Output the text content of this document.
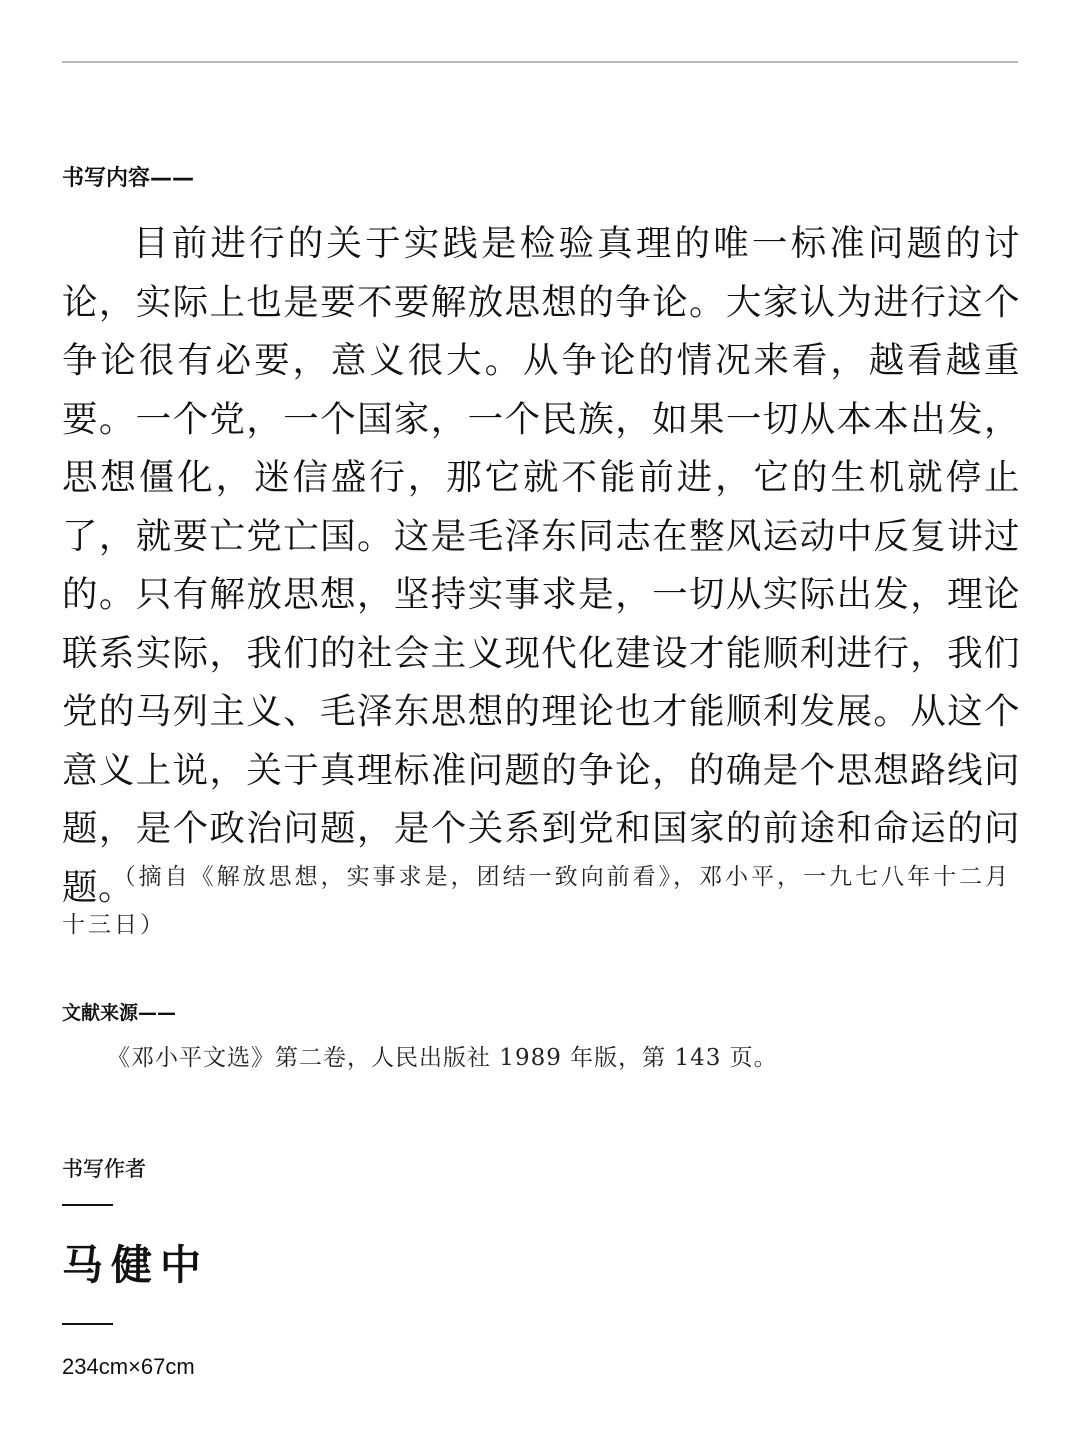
书写内容——

目前进行的关于实践是检验真理的唯一标准问题的讨论，实际上也是要不要解放思想的争论。大家认为进行这个争论很有必要，意义很大。从争论的情况来看，越看越重要。一个党，一个国家，一个民族，如果一切从本本出发，思想僵化，迷信盛行，那它就不能前进，它的生机就停止了，就要亡党亡国。这是毛泽东同志在整风运动中反复讲过的。只有解放思想，坚持实事求是，一切从实际出发，理论联系实际，我们的社会主义现代化建设才能顺利进行，我们党的马列主义、毛泽东思想的理论也才能顺利发展。从这个意义上说，关于真理标准问题的争论，的确是个思想路线问题，是个政治问题，是个关系到党和国家的前途和命运的问题。

（摘自《解放思想，实事求是，团结一致向前看》，邓小平，一九七八年十二月十三日）

文献来源——
《邓小平文选》第二卷，人民出版社 1989 年版，第 143 页。
书写作者
马健中
234cm×67cm
